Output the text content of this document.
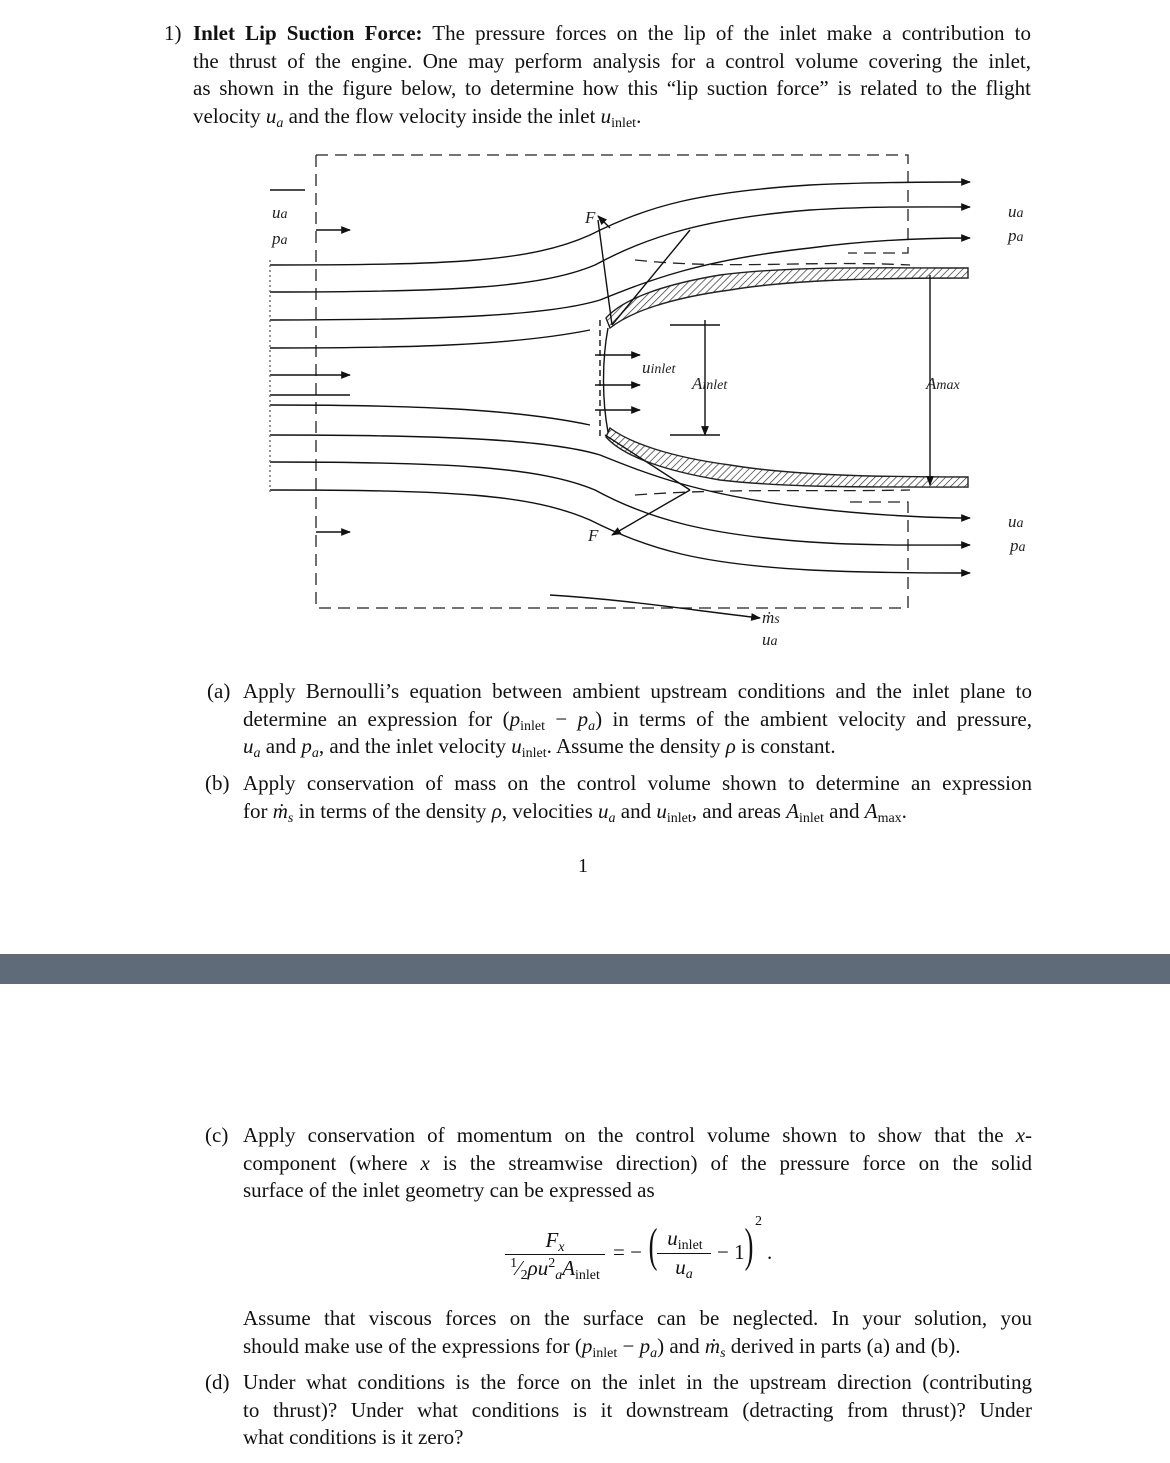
1) Inlet Lip Suction Force: The pressure forces on the lip of the inlet make a contribution to
the thrust of the engine. One may perform analysis for a control volume covering the inlet,
as shown in the figure below, to determine how this “lip suction force” is related to the flight
velocity $u_a$ and the flow velocity inside the inlet $u_{inlet}$.
ua
pa
ua
pa
ua
pa
F
F
uinlet
Ainlet	Amax
ṁs
ua
(a) Apply Bernoulli’s equation between ambient upstream conditions and the inlet plane to
determine an expression for $(p_{inlet} - p_a)$ in terms of the ambient velocity and pressure,
$u_a$ and $p_a$, and the inlet velocity $u_{inlet}$. Assume the density ρ is constant.
(b) Apply conservation of mass on the control volume shown to determine an expression
for ṁ$_s$ in terms of the density ρ, velocities $u_a$ and $u_{inlet}$, and areas $A_{inlet}$ and $A_{max}$.
1
(c) Apply conservation of momentum on the control volume shown to show that the x-
component (where x is the streamwise direction) of the pressure force on the solid
surface of the inlet geometry can be expressed as
$F_x$
$^1⁄_2\rho u^2_aA_{inlet}$
= − ( $u_{inlet}$
$u_a$
− 1 ) 2
.
Assume that viscous forces on the surface can be neglected. In your solution, you
should make use of the expressions for $(p_{inlet} - p_a)$ and ṁ$_s$ derived in parts (a) and (b).
(d) Under what conditions is the force on the inlet in the upstream direction (contributing
to thrust)? Under what conditions is it downstream (detracting from thrust)? Under
what conditions is it zero?
